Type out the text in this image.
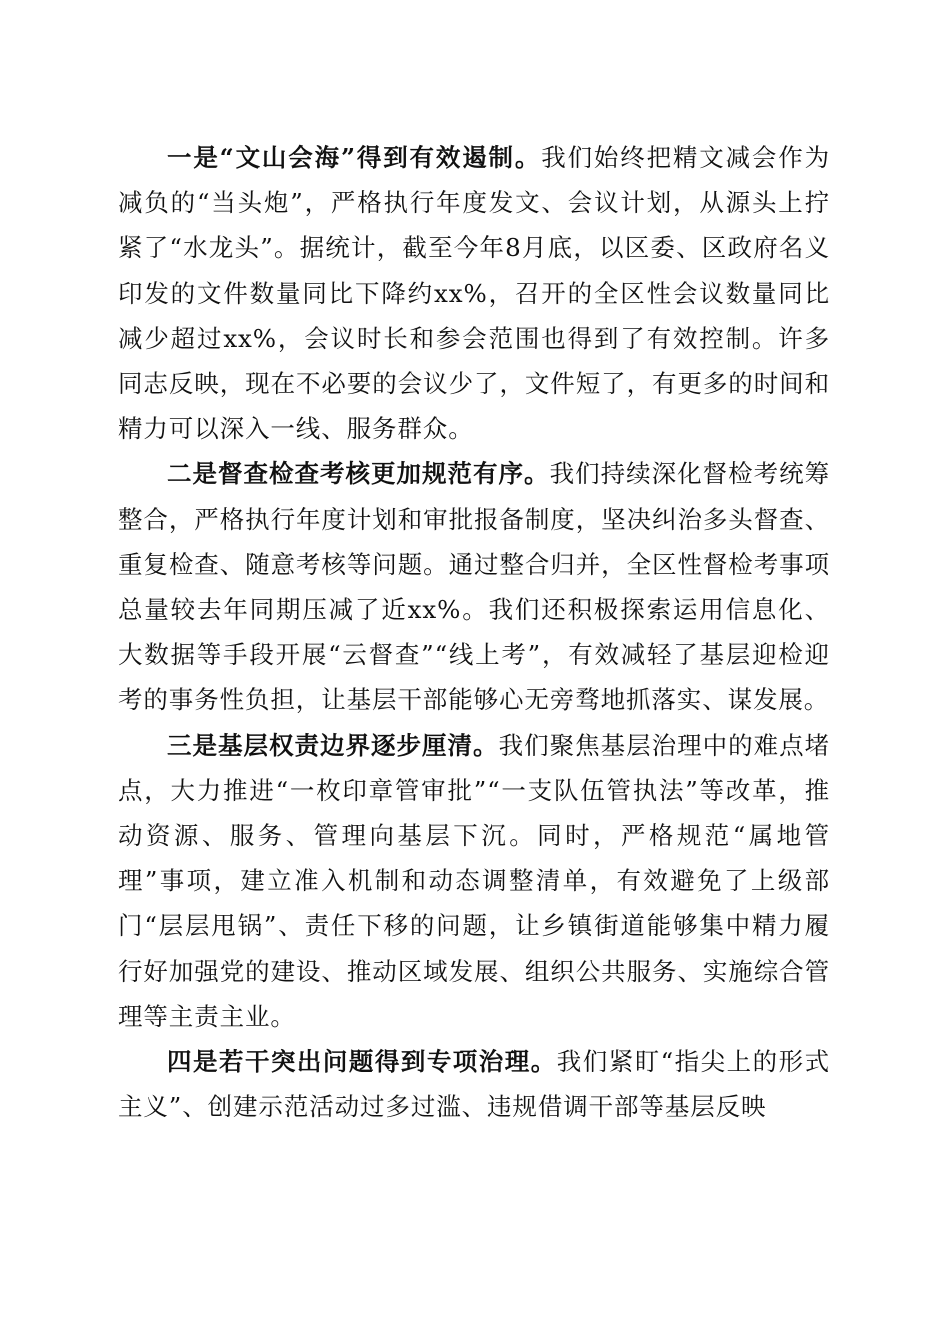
一是“文山会海”得到有效遏制。我们始终把精文减会作为减负的“当头炮”，严格执行年度发文、会议计划，从源头上拧紧了“水龙头”。据统计，截至今年8月底，以区委、区政府名义印发的文件数量同比下降约xx%，召开的全区性会议数量同比减少超过xx%，会议时长和参会范围也得到了有效控制。许多同志反映，现在不必要的会议少了，文件短了，有更多的时间和精力可以深入一线、服务群众。

二是督查检查考核更加规范有序。我们持续深化督检考统筹整合，严格执行年度计划和审批报备制度，坚决纠治多头督查、重复检查、随意考核等问题。通过整合归并，全区性督检考事项总量较去年同期压减了近xx%。我们还积极探索运用信息化、大数据等手段开展“云督查”“线上考”，有效减轻了基层迎检迎考的事务性负担，让基层干部能够心无旁骛地抓落实、谋发展。

三是基层权责边界逐步厘清。我们聚焦基层治理中的难点堵点，大力推进“一枚印章管审批”“一支队伍管执法”等改革，推动资源、服务、管理向基层下沉。同时，严格规范“属地管理”事项，建立准入机制和动态调整清单，有效避免了上级部门“层层甩锅”、责任下移的问题，让乡镇街道能够集中精力履行好加强党的建设、推动区域发展、组织公共服务、实施综合管理等主责主业。

四是若干突出问题得到专项治理。我们紧盯“指尖上的形式主义”、创建示范活动过多过滥、违规借调干部等基层反映
